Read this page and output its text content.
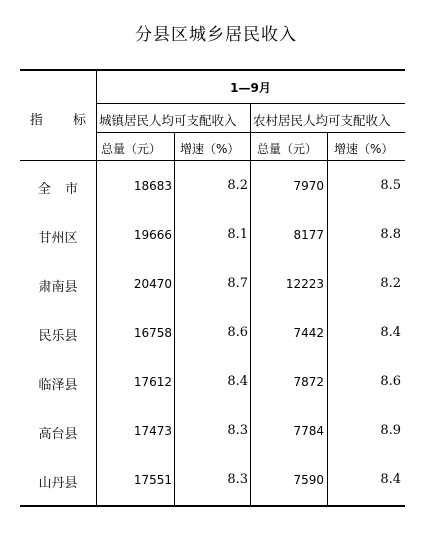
分县区城乡居民收入
指 标
1—9月
城镇居民人均可支配收入 农村居民人均可支配收入
总量（元） 增速（%） 总量（元） 增速（%）
全 市	18683	8.2	7970	8.5
甘州区	19666	8.1	8177	8.8
肃南县	20470	8.7	12223	8.2
民乐县	16758	8.6	7442	8.4
临泽县	17612	8.4	7872	8.6
高台县	17473	8.3	7784	8.9
山丹县	17551	8.3	7590	8.4
